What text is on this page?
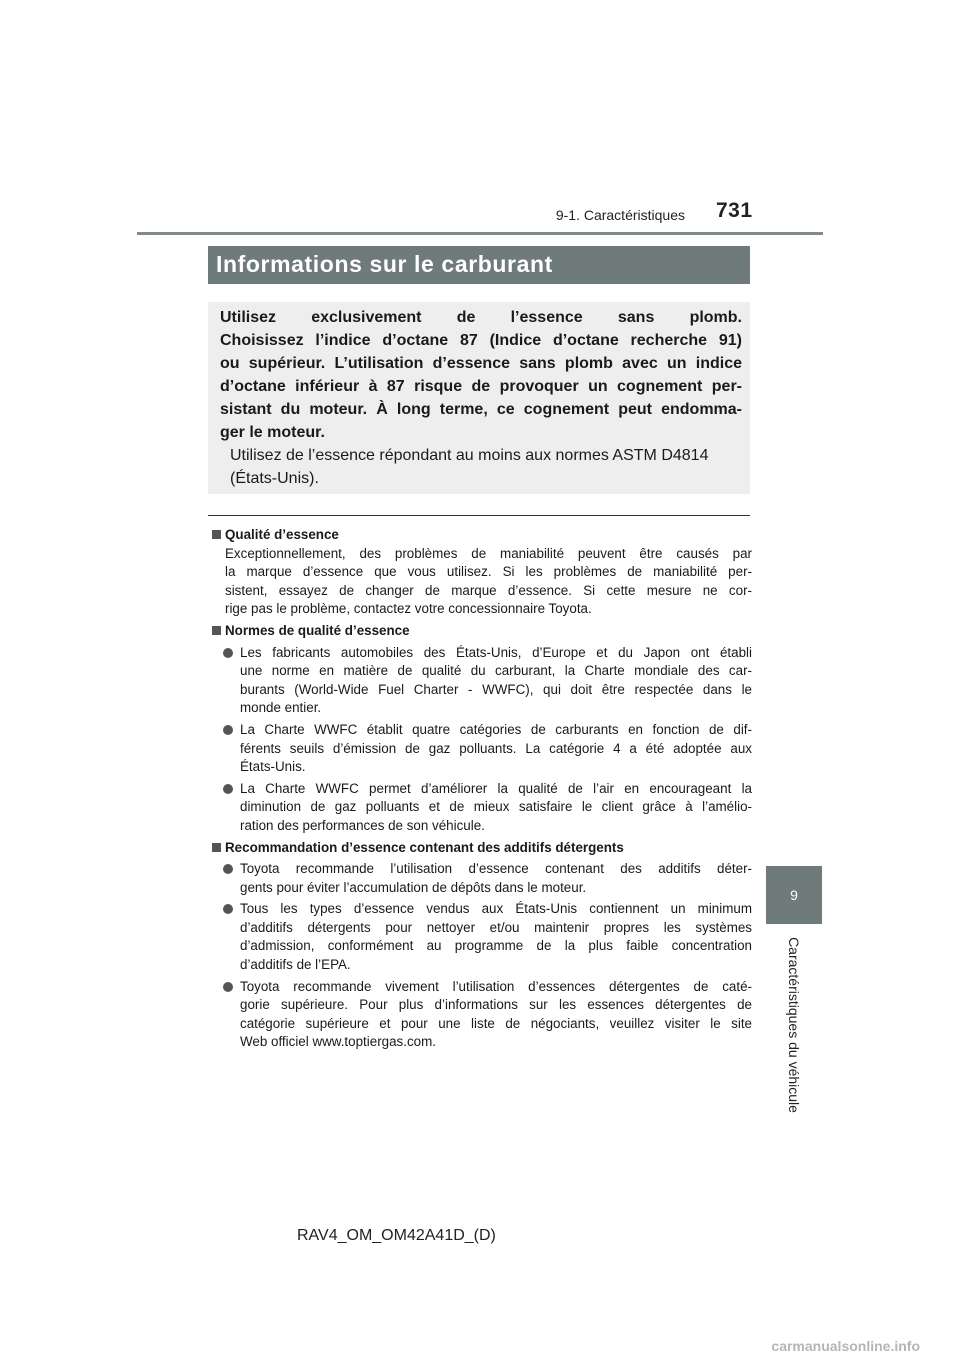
9-1. Caractéristiques 731
9
Caractéristiques du véhicule
Informations sur le carburant
Utilisez exclusivement de l’essence sans plomb.
Choisissez l’indice d’octane 87 (Indice d’octane recherche 91)
ou supérieur. L’utilisation d’essence sans plomb avec un indice
d’octane inférieur à 87 risque de provoquer un cognement per-
sistant du moteur. À long terme, ce cognement peut endomma-
ger le moteur.
Utilisez de l’essence répondant au moins aux normes ASTM D4814
(États-Unis).
Qualité d’essence
Exceptionnellement, des problèmes de maniabilité peuvent être causés par
la marque d’essence que vous utilisez. Si les problèmes de maniabilité per-
sistent, essayez de changer de marque d’essence. Si cette mesure ne cor-
rige pas le problème, contactez votre concessionnaire Toyota.
Normes de qualité d’essence
Les fabricants automobiles des États-Unis, d’Europe et du Japon ont établi
une norme en matière de qualité du carburant, la Charte mondiale des car-
burants (World-Wide Fuel Charter - WWFC), qui doit être respectée dans le
monde entier.
La Charte WWFC établit quatre catégories de carburants en fonction de dif-
férents seuils d’émission de gaz polluants. La catégorie 4 a été adoptée aux
États-Unis.
La Charte WWFC permet d’améliorer la qualité de l’air en encourageant la
diminution de gaz polluants et de mieux satisfaire le client grâce à l’amélio-
ration des performances de son véhicule.
Recommandation d’essence contenant des additifs détergents
Toyota recommande l’utilisation d’essence contenant des additifs déter-
gents pour éviter l’accumulation de dépôts dans le moteur.
Tous les types d’essence vendus aux États-Unis contiennent un minimum
d’additifs détergents pour nettoyer et/ou maintenir propres les systèmes
d’admission, conformément au programme de la plus faible concentration
d’additifs de l’EPA.
Toyota recommande vivement l’utilisation d’essences détergentes de caté-
gorie supérieure. Pour plus d’informations sur les essences détergentes de
catégorie supérieure et pour une liste de négociants, veuillez visiter le site
Web officiel www.toptiergas.com.
RAV4_OM_OM42A41D_(D)
carmanualsonline.info
